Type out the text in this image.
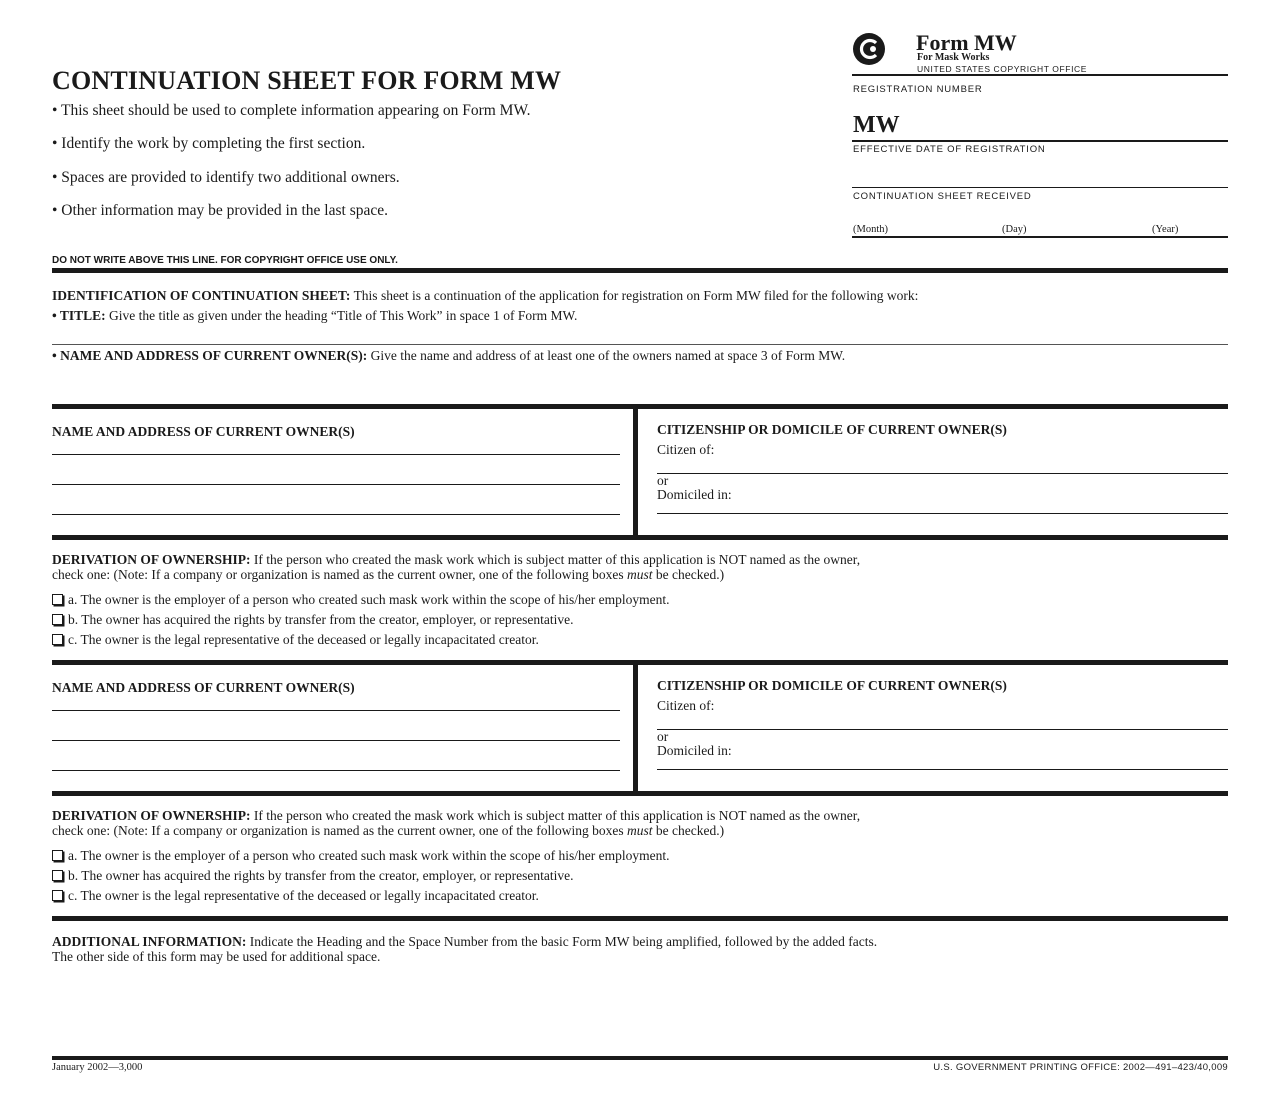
Form MW
For Mask Works
UNITED STATES COPYRIGHT OFFICE
REGISTRATION NUMBER
MW
EFFECTIVE DATE OF REGISTRATION
CONTINUATION SHEET RECEIVED
(Month)	(Day)	(Year)
CONTINUATION SHEET FOR FORM MW
• This sheet should be used to complete information appearing on Form MW.
• Identify the work by completing the first section.
• Spaces are provided to identify two additional owners.
• Other information may be provided in the last space.
DO NOT WRITE ABOVE THIS LINE. FOR COPYRIGHT OFFICE USE ONLY.
IDENTIFICATION OF CONTINUATION SHEET: This sheet is a continuation of the application for registration on Form MW filed for the following work:
• TITLE: Give the title as given under the heading “Title of This Work” in space 1 of Form MW.
• NAME AND ADDRESS OF CURRENT OWNER(S): Give the name and address of at least one of the owners named at space 3 of Form MW.
NAME AND ADDRESS OF CURRENT OWNER(S)	CITIZENSHIP OR DOMICILE OF CURRENT OWNER(S)
Citizen of:
or
Domiciled in:
DERIVATION OF OWNERSHIP: If the person who created the mask work which is subject matter of this application is NOT named as the owner,
check one: (Note: If a company or organization is named as the current owner, one of the following boxes must be checked.)
a. The owner is the employer of a person who created such mask work within the scope of his/her employment.
b. The owner has acquired the rights by transfer from the creator, employer, or representative.
c. The owner is the legal representative of the deceased or legally incapacitated creator.
NAME AND ADDRESS OF CURRENT OWNER(S)	CITIZENSHIP OR DOMICILE OF CURRENT OWNER(S)
Citizen of:
or
Domiciled in:
DERIVATION OF OWNERSHIP: If the person who created the mask work which is subject matter of this application is NOT named as the owner,
check one: (Note: If a company or organization is named as the current owner, one of the following boxes must be checked.)
a. The owner is the employer of a person who created such mask work within the scope of his/her employment.
b. The owner has acquired the rights by transfer from the creator, employer, or representative.
c. The owner is the legal representative of the deceased or legally incapacitated creator.
ADDITIONAL INFORMATION: Indicate the Heading and the Space Number from the basic Form MW being amplified, followed by the added facts.
The other side of this form may be used for additional space.
January 2002—3,000	U.S. GOVERNMENT PRINTING OFFICE: 2002—491–423/40,009
